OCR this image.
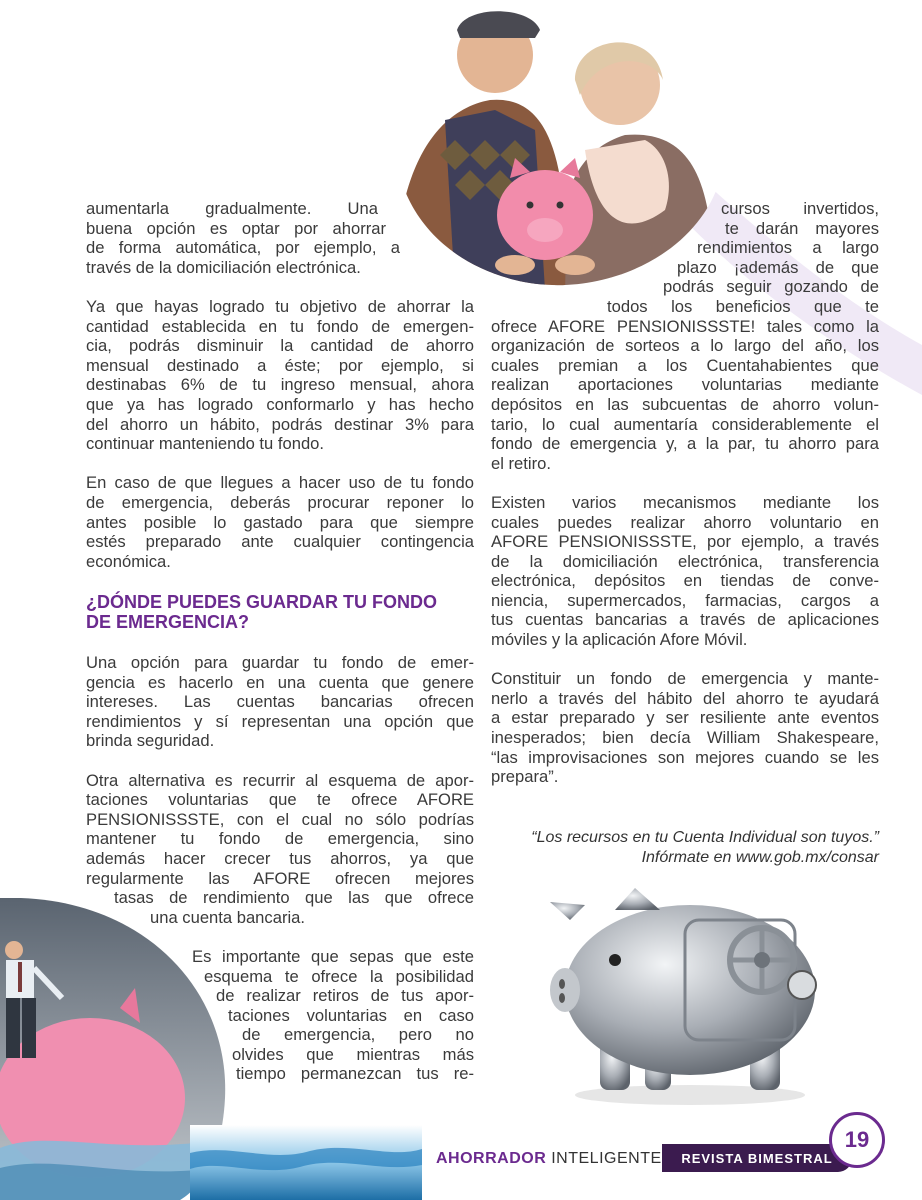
aumentarla gradualmente. Una
buena opción es optar por ahorrar
de forma automática, por ejemplo, a
través de la domiciliación electrónica.
Ya que hayas logrado tu objetivo de ahorrar la
cantidad establecida en tu fondo de emergen-
cia, podrás disminuir la cantidad de ahorro
mensual destinado a éste; por ejemplo, si
destinabas 6% de tu ingreso mensual, ahora
que ya has logrado conformarlo y has hecho
del ahorro un hábito, podrás destinar 3% para
continuar manteniendo tu fondo.
En caso de que llegues a hacer uso de tu fondo
de emergencia, deberás procurar reponer lo
antes posible lo gastado para que siempre
estés preparado ante cualquier contingencia
económica.
¿DÓNDE PUEDES GUARDAR TU FONDO
DE EMERGENCIA?
Una opción para guardar tu fondo de emer-
gencia es hacerlo en una cuenta que genere
intereses. Las cuentas bancarias ofrecen
rendimientos y sí representan una opción que
brinda seguridad.
Otra alternativa es recurrir al esquema de apor-
taciones voluntarias que te ofrece AFORE
PENSIONISSSTE, con el cual no sólo podrías
mantener tu fondo de emergencia, sino
además hacer crecer tus ahorros, ya que
regularmente las AFORE ofrecen mejores
tasas de rendimiento que las que ofrece
una cuenta bancaria.
Es importante que sepas que este
esquema te ofrece la posibilidad
de realizar retiros de tus apor-
taciones voluntarias en caso
de emergencia, pero no
olvides que mientras más
tiempo permanezcan tus re-
cursos invertidos,
te darán mayores
rendimientos a largo
plazo ¡además de que
podrás seguir gozando de
todos los beneficios que te
ofrece AFORE PENSIONISSSTE! tales como la
organización de sorteos a lo largo del año, los
cuales premian a los Cuentahabientes que
realizan aportaciones voluntarias mediante
depósitos en las subcuentas de ahorro volun-
tario, lo cual aumentaría considerablemente el
fondo de emergencia y, a la par, tu ahorro para
el retiro.
Existen varios mecanismos mediante los
cuales puedes realizar ahorro voluntario en
AFORE PENSIONISSSTE, por ejemplo, a través
de la domiciliación electrónica, transferencia
electrónica, depósitos en tiendas de conve-
niencia, supermercados, farmacias, cargos a
tus cuentas bancarias a través de aplicaciones
móviles y la aplicación Afore Móvil.
Constituir un fondo de emergencia y mante-
nerlo a través del hábito del ahorro te ayudará
a estar preparado y ser resiliente ante eventos
inesperados; bien decía William Shakespeare,
“las improvisaciones son mejores cuando se les
prepara”.
“Los recursos en tu Cuenta Individual son tuyos.”
Infórmate en www.gob.mx/consar
AHORRADOR INTELIGENTE	REVISTA BIMESTRAL
19
